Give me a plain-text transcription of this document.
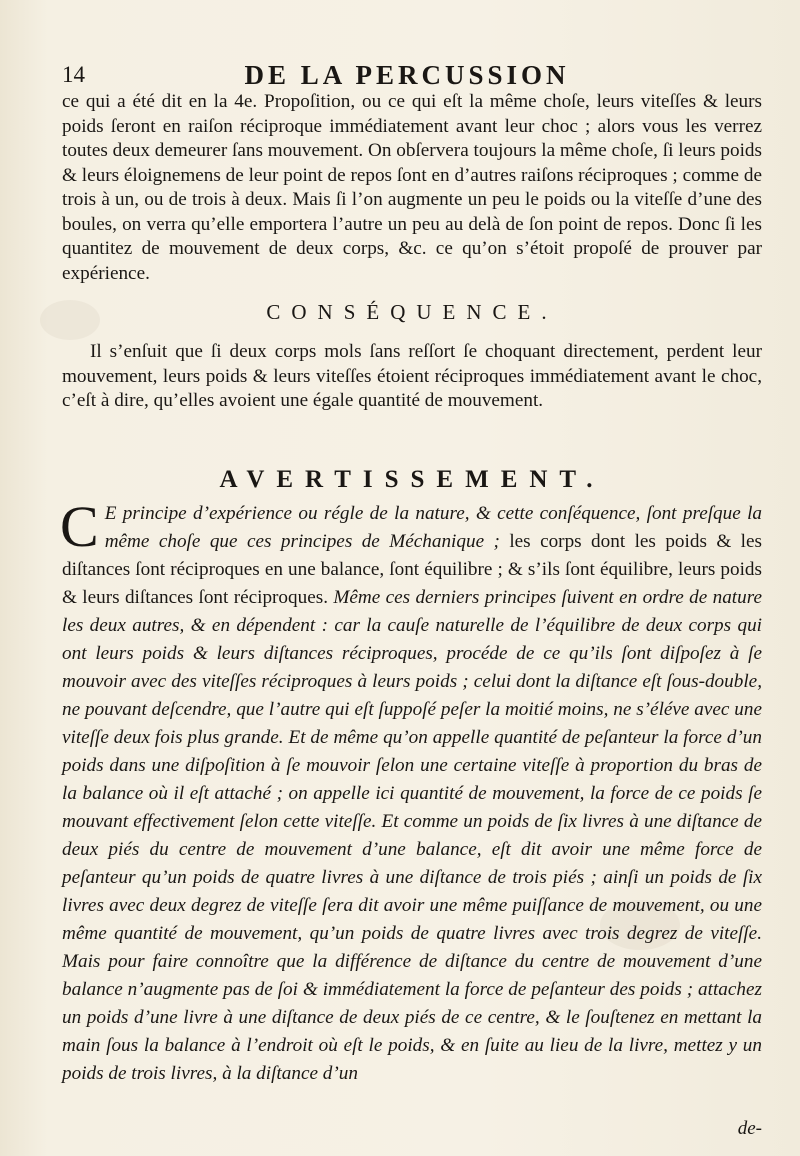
14	DE LA PERCUSSION
ce qui a été dit en la 4e. Propoſition, ou ce qui eſt la même choſe, leurs viteſſes & leurs poids ſeront en raiſon réciproque immédiatement avant leur choc ; alors vous les verrez toutes deux demeurer ſans mouvement. On obſervera toujours la même choſe, ſi leurs poids & leurs éloignemens de leur point de repos ſont en d’autres raiſons réciproques ; comme de trois à un, ou de trois à deux. Mais ſi l’on augmente un peu le poids ou la viteſſe d’une des boules, on verra qu’elle emportera l’autre un peu au delà de ſon point de repos. Donc ſi les quantitez de mouvement de deux corps, &c. ce qu’on s’étoit propoſé de prouver par expérience.
CONSÉQUENCE.
Il s’enſuit que ſi deux corps mols ſans reſſort ſe choquant directement, perdent leur mouvement, leurs poids & leurs viteſſes étoient réciproques immédiatement avant le choc, c’eſt à dire, qu’elles avoient une égale quantité de mouvement.
AVERTISSEMENT.
C E principe d’expérience ou régle de la nature, & cette conſéquence, ſont preſque la même choſe que ces principes de Méchanique ; les corps dont les poids & les diſtances ſont réciproques en une balance, ſont équilibre ; & s’ils ſont équilibre, leurs poids & leurs diſtances ſont réciproques. Même ces derniers principes ſuivent en ordre de nature les deux autres, & en dépendent : car la cauſe naturelle de l’équilibre de deux corps qui ont leurs poids & leurs diſtances réciproques, procéde de ce qu’ils ſont diſpoſez à ſe mouvoir avec des viteſſes réciproques à leurs poids ; celui dont la diſtance eſt ſous-double, ne pouvant deſcendre, que l’autre qui eſt ſuppoſé peſer la moitié moins, ne s’éléve avec une viteſſe deux fois plus grande. Et de même qu’on appelle quantité de peſanteur la force d’un poids dans une diſpoſition à ſe mouvoir ſelon une certaine viteſſe à proportion du bras de la balance où il eſt attaché ; on appelle ici quantité de mouvement, la force de ce poids ſe mouvant effectivement ſelon cette viteſſe. Et comme un poids de ſix livres à une diſtance de deux piés du centre de mouvement d’une balance, eſt dit avoir une même force de peſanteur qu’un poids de quatre livres à une diſtance de trois piés ; ainſi un poids de ſix livres avec deux degrez de viteſſe ſera dit avoir une même puiſſance de mouvement, ou une même quantité de mouvement, qu’un poids de quatre livres avec trois degrez de viteſſe. Mais pour faire connoître que la différence de diſtance du centre de mouvement d’une balance n’augmente pas de ſoi & immédiatement la force de peſanteur des poids ; attachez un poids d’une livre à une diſtance de deux piés de ce centre, & le ſouſtenez en mettant la main ſous la balance à l’endroit où eſt le poids, & en ſuite au lieu de la livre, mettez y un poids de trois livres, à la diſtance d’un
de-
